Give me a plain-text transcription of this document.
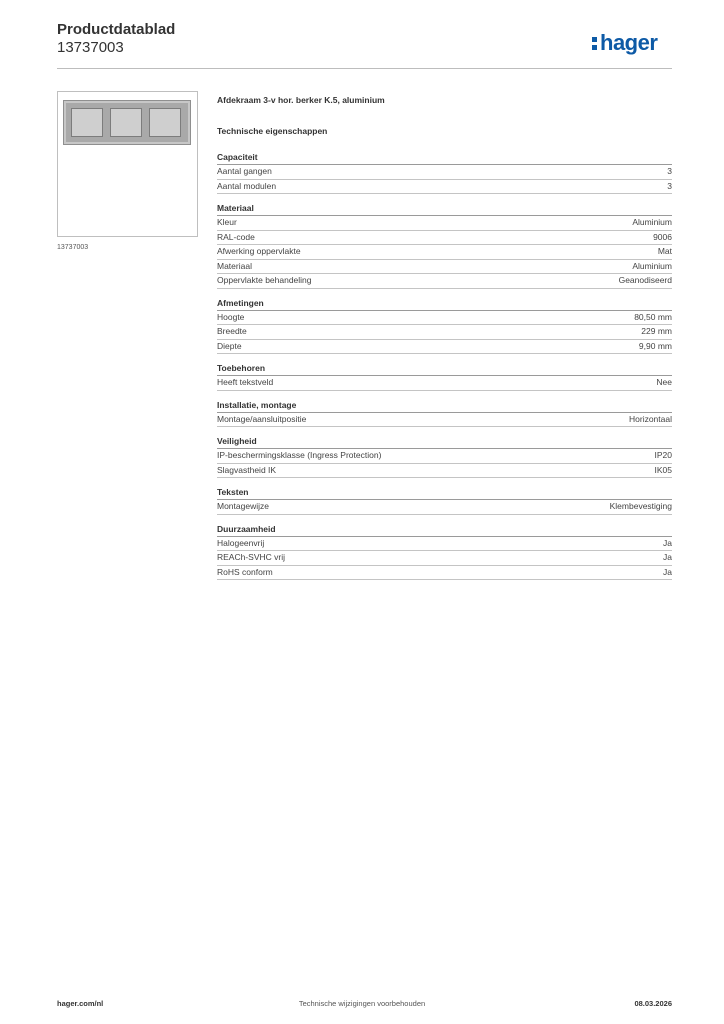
Productdatablad
13737003	hager
13737003
Afdekraam 3-v hor. berker K.5, aluminium
Technische eigenschappen
Capaciteit
Aantal gangen	3
Aantal modulen	3
Materiaal
Kleur	Aluminium
RAL-code	9006
Afwerking oppervlakte	Mat
Materiaal	Aluminium
Oppervlakte behandeling	Geanodiseerd
Afmetingen
Hoogte	80,50 mm
Breedte	229 mm
Diepte	9,90 mm
Toebehoren
Heeft tekstveld	Nee
Installatie, montage
Montage/aansluitpositie	Horizontaal
Veiligheid
IP-beschermingsklasse (Ingress Protection)	IP20
Slagvastheid IK	IK05
Teksten
Montagewijze	Klembevestiging
Duurzaamheid
Halogeenvrij	Ja
REACh-SVHC vrij	Ja
RoHS conform	Ja
hager.com/nl	Technische wijzigingen voorbehouden	08.03.2026
